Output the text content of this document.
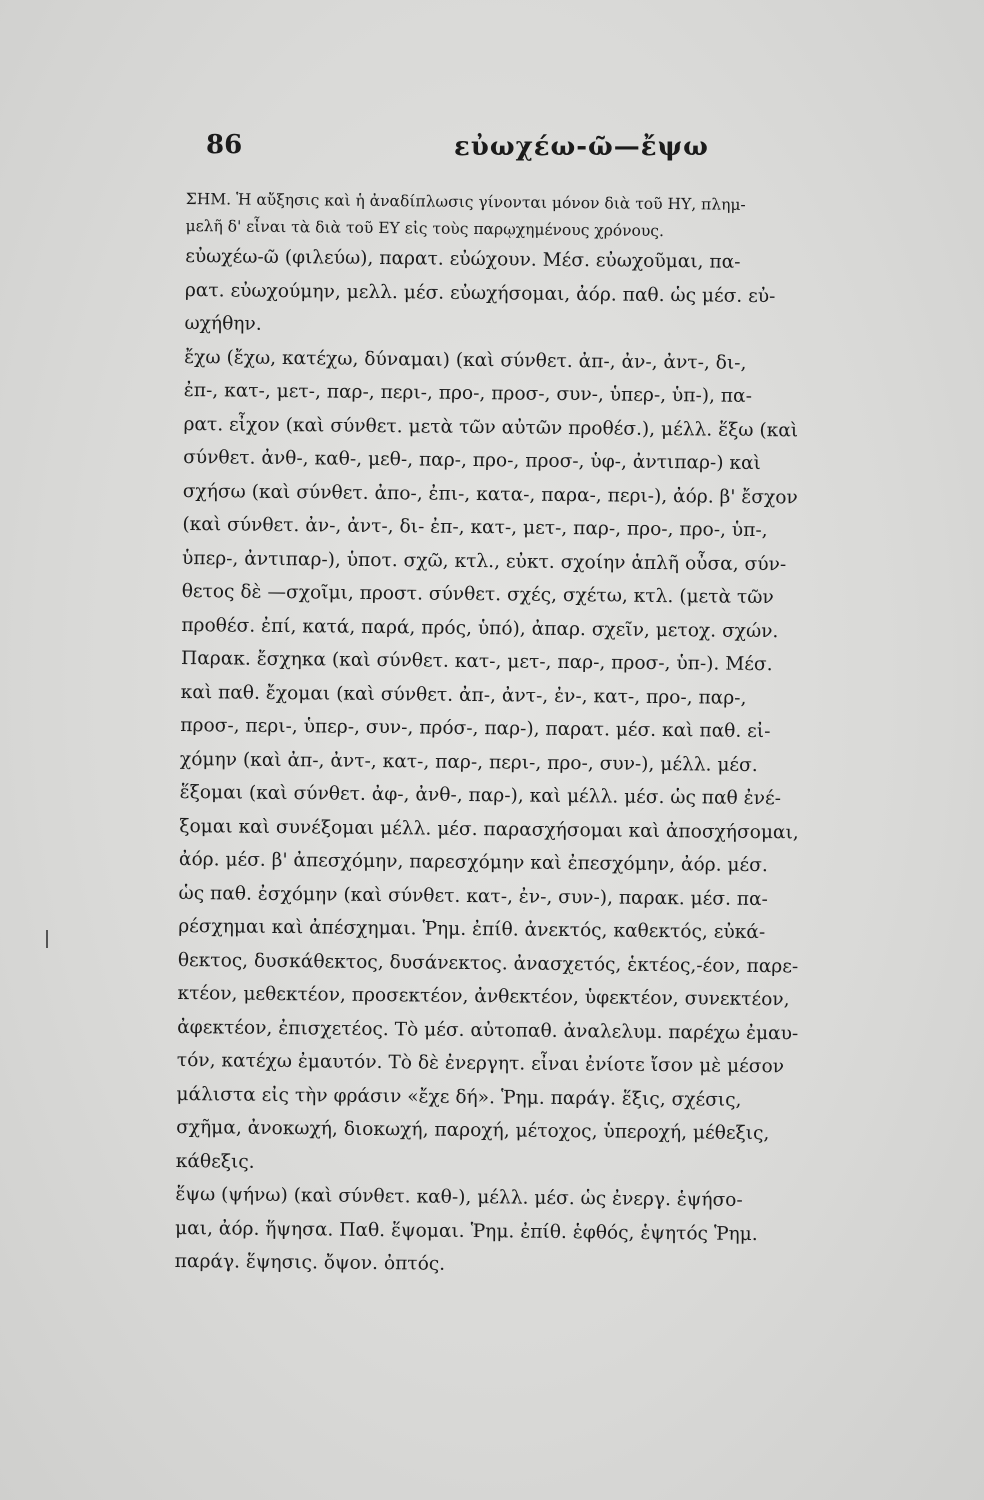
86	εὐωχέω-ῶ—ἔψω
ΣΗΜ. Ἡ αὔξησις καὶ ἡ ἀναδίπλωσις γίνονται μόνον διὰ τοῦ ΗΥ, πλημ-
μελῆ δ' εἶναι τὰ διὰ τοῦ ΕΥ εἰς τοὺς παρῳχημένους χρόνους.
εὐωχέω-ῶ (φιλεύω), παρατ. εὐώχουν. Μέσ. εὐωχοῦμαι, πα-
ρατ. εὐωχούμην, μελλ. μέσ. εὐωχήσομαι, ἀόρ. παθ. ὡς μέσ. εὐ-
ωχήθην.
ἔχω (ἔχω, κατέχω, δύναμαι) (καὶ σύνθετ. ἀπ-, ἀν-, ἀντ-, δι-,
ἐπ-, κατ-, μετ-, παρ-, περι-, προ-, προσ-, συν-, ὑπερ-, ὑπ-), πα-
ρατ. εἶχον (καὶ σύνθετ. μετὰ τῶν αὐτῶν προθέσ.), μέλλ. ἕξω (καὶ
σύνθετ. ἀνθ-, καθ-, μεθ-, παρ-, προ-, προσ-, ὑφ-, ἀντιπαρ-) καὶ
σχήσω (καὶ σύνθετ. ἀπο-, ἐπι-, κατα-, παρα-, περι-), ἀόρ. β' ἔσχον
(καὶ σύνθετ. ἀν-, ἀντ-, δι- ἐπ-, κατ-, μετ-, παρ-, προ-, προ-, ὑπ-,
ὑπερ-, ἀντιπαρ-), ὑποτ. σχῶ, κτλ., εὐκτ. σχοίην ἁπλῆ οὖσα, σύν-
θετος δὲ —σχοῖμι, προστ. σύνθετ. σχές, σχέτω, κτλ. (μετὰ τῶν
προθέσ. ἐπί, κατά, παρά, πρός, ὑπό), ἀπαρ. σχεῖν, μετοχ. σχών.
Παρακ. ἔσχηκα (καὶ σύνθετ. κατ-, μετ-, παρ-, προσ-, ὑπ-). Μέσ.
καὶ παθ. ἔχομαι (καὶ σύνθετ. ἀπ-, ἀντ-, ἐν-, κατ-, προ-, παρ-,
προσ-, περι-, ὑπερ-, συν-, πρόσ-, παρ-), παρατ. μέσ. καὶ παθ. εἰ-
χόμην (καὶ ἀπ-, ἀντ-, κατ-, παρ-, περι-, προ-, συν-), μέλλ. μέσ.
ἕξομαι (καὶ σύνθετ. ἀφ-, ἀνθ-, παρ-), καὶ μέλλ. μέσ. ὡς παθ ἐνέ-
ξομαι καὶ συνέξομαι μέλλ. μέσ. παρασχήσομαι καὶ ἀποσχήσομαι,
ἀόρ. μέσ. β' ἀπεσχόμην, παρεσχόμην καὶ ἐπεσχόμην, ἀόρ. μέσ.
ὡς παθ. ἐσχόμην (καὶ σύνθετ. κατ-, ἐν-, συν-), παρακ. μέσ. πα-
ρέσχημαι καὶ ἀπέσχημαι. Ῥημ. ἐπίθ. ἀνεκτός, καθεκτός, εὐκά-
θεκτος, δυσκάθεκτος, δυσάνεκτος. ἀνασχετός, ἑκτέος,-έον, παρε-
κτέον, μεθεκτέον, προσεκτέον, ἀνθεκτέον, ὑφεκτέον, συνεκτέον,
ἀφεκτέον, ἐπισχετέος. Τὸ μέσ. αὐτοπαθ. ἀναλελυμ. παρέχω ἐμαυ-
τόν, κατέχω ἐμαυτόν. Τὸ δὲ ἐνεργητ. εἶναι ἐνίοτε ἴσον μὲ μέσον
μάλιστα εἰς τὴν φράσιν «ἔχε δή». Ῥημ. παράγ. ἕξις, σχέσις,
σχῆμα, ἀνοκωχή, διοκωχή, παροχή, μέτοχος, ὑπεροχή, μέθεξις,
κάθεξις.
ἕψω (ψήνω) (καὶ σύνθετ. καθ-), μέλλ. μέσ. ὡς ἐνεργ. ἑψήσο-
μαι, ἀόρ. ἥψησα. Παθ. ἕψομαι. Ῥημ. ἐπίθ. ἑφθός, ἑψητός Ῥημ.
παράγ. ἕψησις. ὄψον. ὀπτός.
